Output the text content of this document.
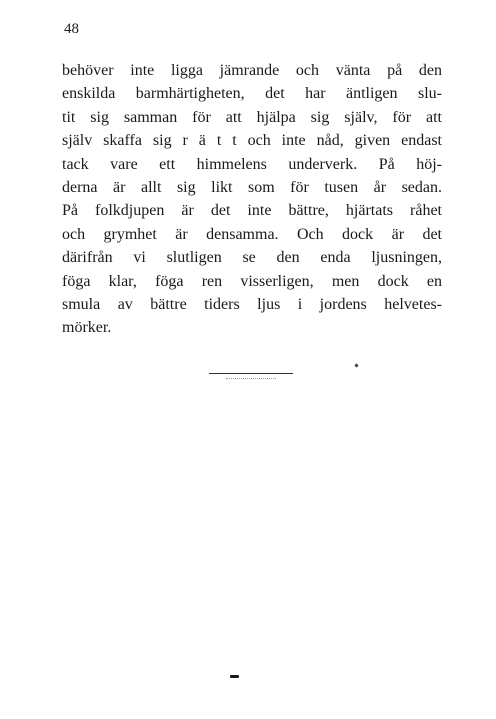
48
behöver inte ligga jämrande och vänta på den
enskilda barmhärtigheten, det har äntligen slu-
tit sig samman för att hjälpa sig själv, för att
själv skaffa sig r ä t t och inte nåd, given endast
tack vare ett himmelens underverk. På höj-
derna är allt sig likt som för tusen år sedan.
På folkdjupen är det inte bättre, hjärtats råhet
och grymhet är densamma. Och dock är det
därifrån vi slutligen se den enda ljusningen,
föga klar, föga ren visserligen, men dock en
smula av bättre tiders ljus i jordens helvetes-
mörker.
